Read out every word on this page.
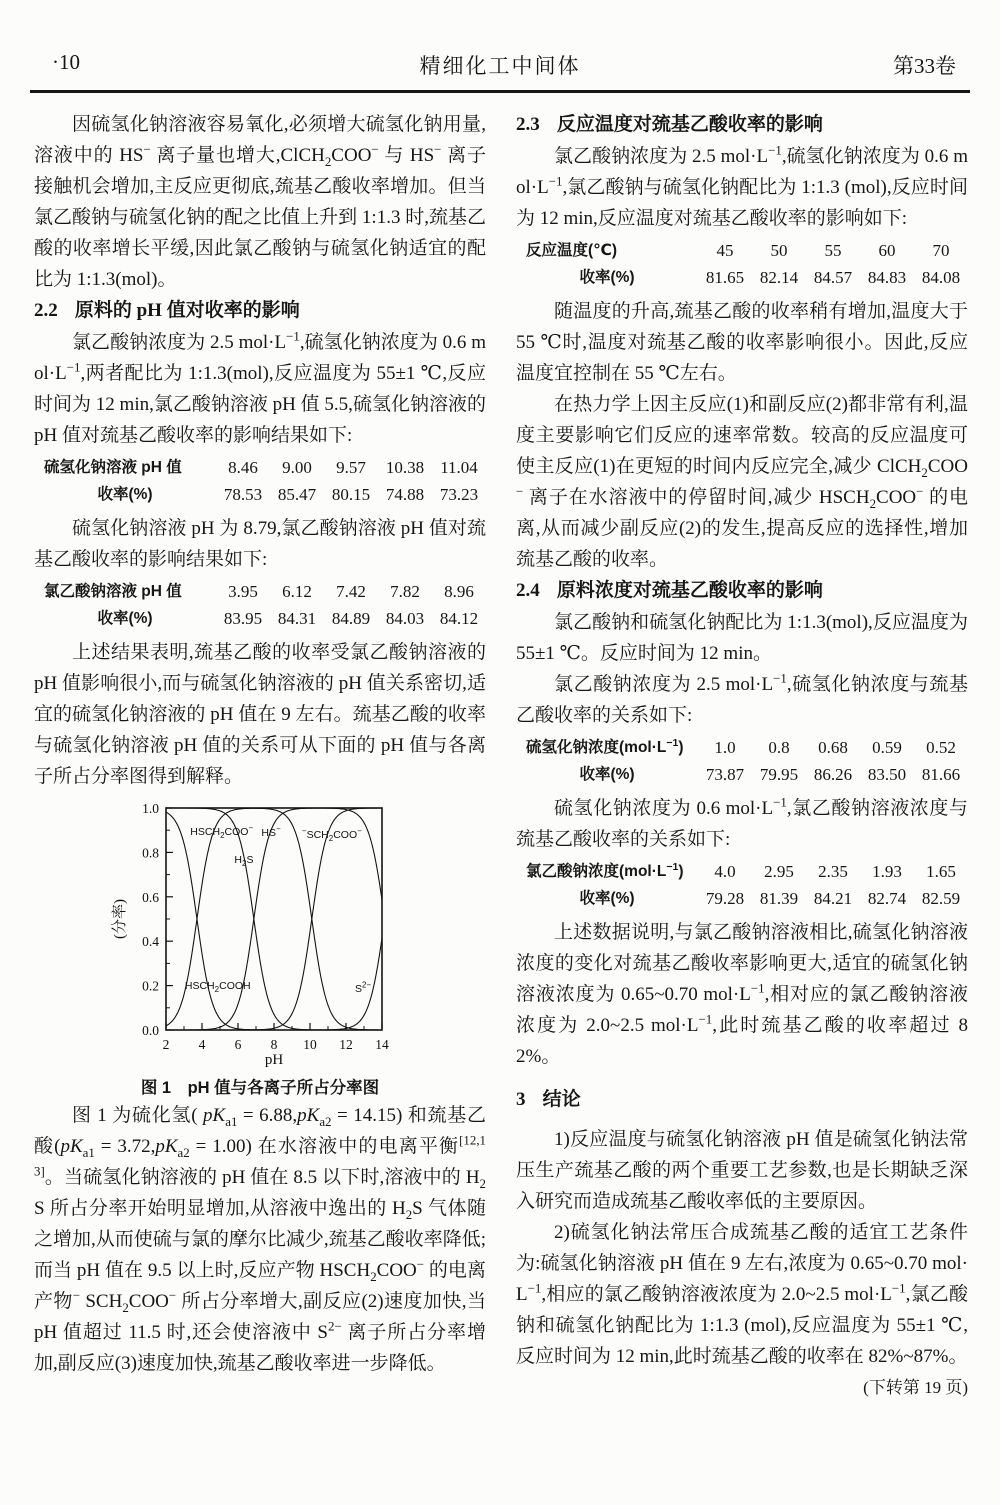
·10	精细化工中间体	第33卷

因硫氢化钠溶液容易氧化,必须增大硫氢化钠用量,溶液中的 HS− 离子量也增大,ClCH$_2$COO− 与 HS− 离子接触机会增加,主反应更彻底,巯基乙酸收率增加。但当氯乙酸钠与硫氢化钠的配之比值上升到 1:1.3 时,巯基乙酸的收率增长平缓,因此氯乙酸钠与硫氢化钠适宜的配比为 1:1.3(mol)。

2.2 原料的 pH 值对收率的影响

氯乙酸钠浓度为 2.5 $mol\cdot L^{-1}$,硫氢化钠浓度为 0.6 $mol\cdot L^{-1}$,两者配比为 1:1.3(mol),反应温度为 55±1 ℃,反应时间为 12 min,氯乙酸钠溶液 pH 值 5.5,硫氢化钠溶液的 pH 值对巯基乙酸收率的影响结果如下:

硫氢化钠溶液 pH 值	8.46	9.00	9.57	10.38	11.04
收率(%)	78.53	85.47	80.15	74.88	73.23

硫氢化钠溶液 pH 为 8.79,氯乙酸钠溶液 pH 值对巯基乙酸收率的影响结果如下:

氯乙酸钠溶液 pH 值	3.95	6.12	7.42	7.82	8.96
收率(%)	83.95	84.31	84.89	84.03	84.12

上述结果表明,巯基乙酸的收率受氯乙酸钠溶液的 pH 值影响很小,而与硫氢化钠溶液的 pH 值关系密切,适宜的硫氢化钠溶液的 pH 值在 9 左右。巯基乙酸的收率与硫氢化钠溶液 pH 值的关系可从下面的 pH 值与各离子所占分率图得到解释。

2 4 6 8 10 12 14
0.0
0.2
0.4
0.6
0.8
1.0
(分率)
pH
$HSCH_2COOH$
$HSCH_2COO^-$	$^-SCH_2COO^-$
$H_2S$
HS−
$S^{2-}$
图 1　pH 值与各离子所占分率图

图 1 为硫化氢( $pK_{a1} = 6.88,pK_{a2} = 14.15$) 和巯基乙酸$(pK_{a1} = 3.72,pK_{a2} = 1.00)$ 在水溶液中的电离平衡[12,13]。当硫氢化钠溶液的 pH 值在 8.5 以下时,溶液中的 $H_2S$ 所占分率开始明显增加,从溶液中逸出的 $H_2S$ 气体随之增加,从而使硫与氯的摩尔比减少,巯基乙酸收率降低;而当 pH 值在 9.5 以上时,反应产物 $HSCH_2COO^-$ 的电离产物− $SCH_2COO^-$ 所占分率增大,副反应(2)速度加快,当 pH 值超过 11.5 时,还会使溶液中 $S^{2-}$ 离子所占分率增加,副反应(3)速度加快,巯基乙酸收率进一步降低。

2.3 反应温度对巯基乙酸收率的影响

氯乙酸钠浓度为 2.5 $mol\cdot L^{-1}$,硫氢化钠浓度为 0.6 $mol\cdot L^{-1}$,氯乙酸钠与硫氢化钠配比为 1:1.3 (mol),反应时间为 12 min,反应温度对巯基乙酸收率的影响如下:

反应温度(℃)	45	50	55	60	70
收率(%)	81.65	82.14	84.57	84.83	84.08

随温度的升高,巯基乙酸的收率稍有增加,温度大于 55 ℃时,温度对巯基乙酸的收率影响很小。因此,反应温度宜控制在 55 ℃左右。

在热力学上因主反应(1)和副反应(2)都非常有利,温度主要影响它们反应的速率常数。较高的反应温度可使主反应(1)在更短的时间内反应完全,减少 ClCH$_2$COO− 离子在水溶液中的停留时间,减少 $HSCH_2COO^-$ 的电离,从而减少副反应(2)的发生,提高反应的选择性,增加巯基乙酸的收率。

2.4 原料浓度对巯基乙酸收率的影响

氯乙酸钠和硫氢化钠配比为 1:1.3(mol),反应温度为 55±1 ℃。反应时间为 12 min。

氯乙酸钠浓度为 2.5 $mol\cdot L^{-1}$,硫氢化钠浓度与巯基乙酸收率的关系如下:

硫氢化钠浓度$(mol\cdot L^{-1})$	1.0	0.8	0.68	0.59	0.52
收率(%)	73.87	79.95	86.26	83.50	81.66

硫氢化钠浓度为 0.6 $mol\cdot L^{-1}$,氯乙酸钠溶液浓度与巯基乙酸收率的关系如下:

氯乙酸钠浓度$(mol\cdot L^{-1})$	4.0	2.95	2.35	1.93	1.65
收率(%)	79.28	81.39	84.21	82.74	82.59

上述数据说明,与氯乙酸钠溶液相比,硫氢化钠溶液浓度的变化对巯基乙酸收率影响更大,适宜的硫氢化钠溶液浓度为 0.65~0.70 $mol\cdot L^{-1}$,相对应的氯乙酸钠溶液浓度为 2.0~2.5 $mol\cdot L^{-1}$,此时巯基乙酸的收率超过 82%。

3 结论

1)反应温度与硫氢化钠溶液 pH 值是硫氢化钠法常压生产巯基乙酸的两个重要工艺参数,也是长期缺乏深入研究而造成巯基乙酸收率低的主要原因。

2)硫氢化钠法常压合成巯基乙酸的适宜工艺条件为:硫氢化钠溶液 pH 值在 9 左右,浓度为 0.65~0.70 $mol\cdot L^{-1}$,相应的氯乙酸钠溶液浓度为 2.0~2.5 $mol\cdot L^{-1}$,氯乙酸钠和硫氢化钠配比为 1:1.3 (mol),反应温度为 55±1 ℃,反应时间为 12 min,此时巯基乙酸的收率在 82%~87%。
(下转第 19 页)
